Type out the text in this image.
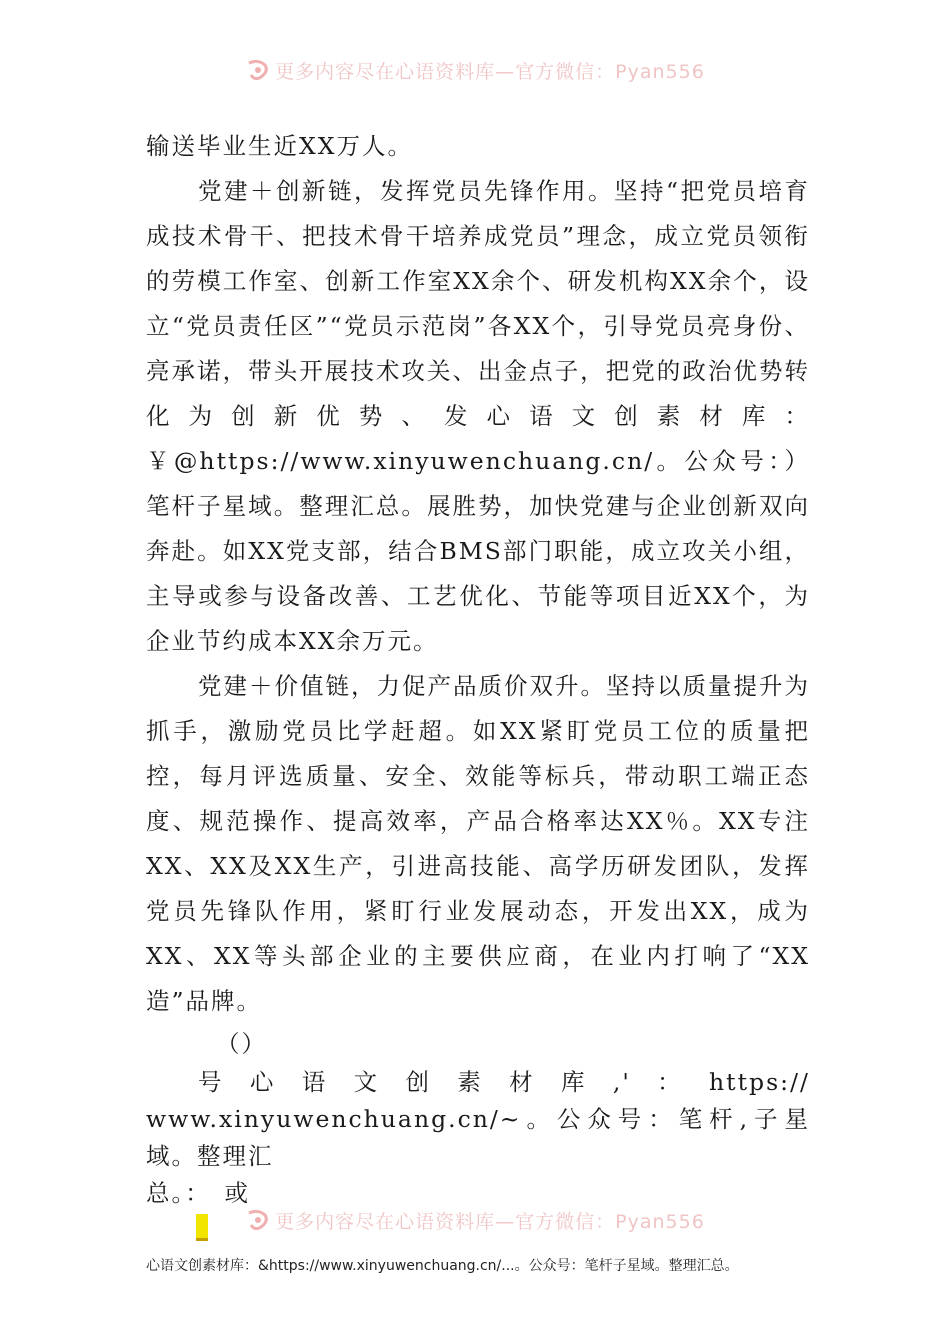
更多内容尽在心语资料库—官方微信：Pyan556

输送毕业生近XX万人。

党建＋创新链，发挥党员先锋作用。坚持“把党员培育成技术骨干、把技术骨干培养成党员”理念，成立党员领衔的劳模工作室、创新工作室XX余个、研发机构XX余个，设立“党员责任区”“党员示范岗”各XX个，引导党员亮身份、亮承诺，带头开展技术攻关、出金点子，把党的政治优势转化为创新优势、发心语文创素材库：￥@https://www.xinyuwenchuang.cn/。公众号：）笔杆子星域。整理汇总。展胜势，加快党建与企业创新双向奔赴。如XX党支部，结合BMS部门职能，成立攻关小组，主导或参与设备改善、工艺优化、节能等项目近XX个，为企业节约成本XX余万元。

党建＋价值链，力促产品质价双升。坚持以质量提升为抓手，激励党员比学赶超。如XX紧盯党员工位的质量把控，每月评选质量、安全、效能等标兵，带动职工端正态度、规范操作、提高效率，产品合格率达XX％。XX专注XX、XX及XX生产，引进高技能、高学历研发团队，发挥党员先锋队作用，紧盯行业发展动态，开发出XX，成为XX、XX等头部企业的主要供应商，在业内打响了“XX造”品牌。

（）

号 心 语 文 创 素 材 库 ,' ： https://

www.xinyuwenchuang.cn/~。公众号：笔杆,子星域。整理汇

总。：　或

心语文创素材库：&https://www.xinyuwenchuang.cn/...。公众号：笔杆子星域。整理汇总。

更多内容尽在心语资料库—官方微信：Pyan556
